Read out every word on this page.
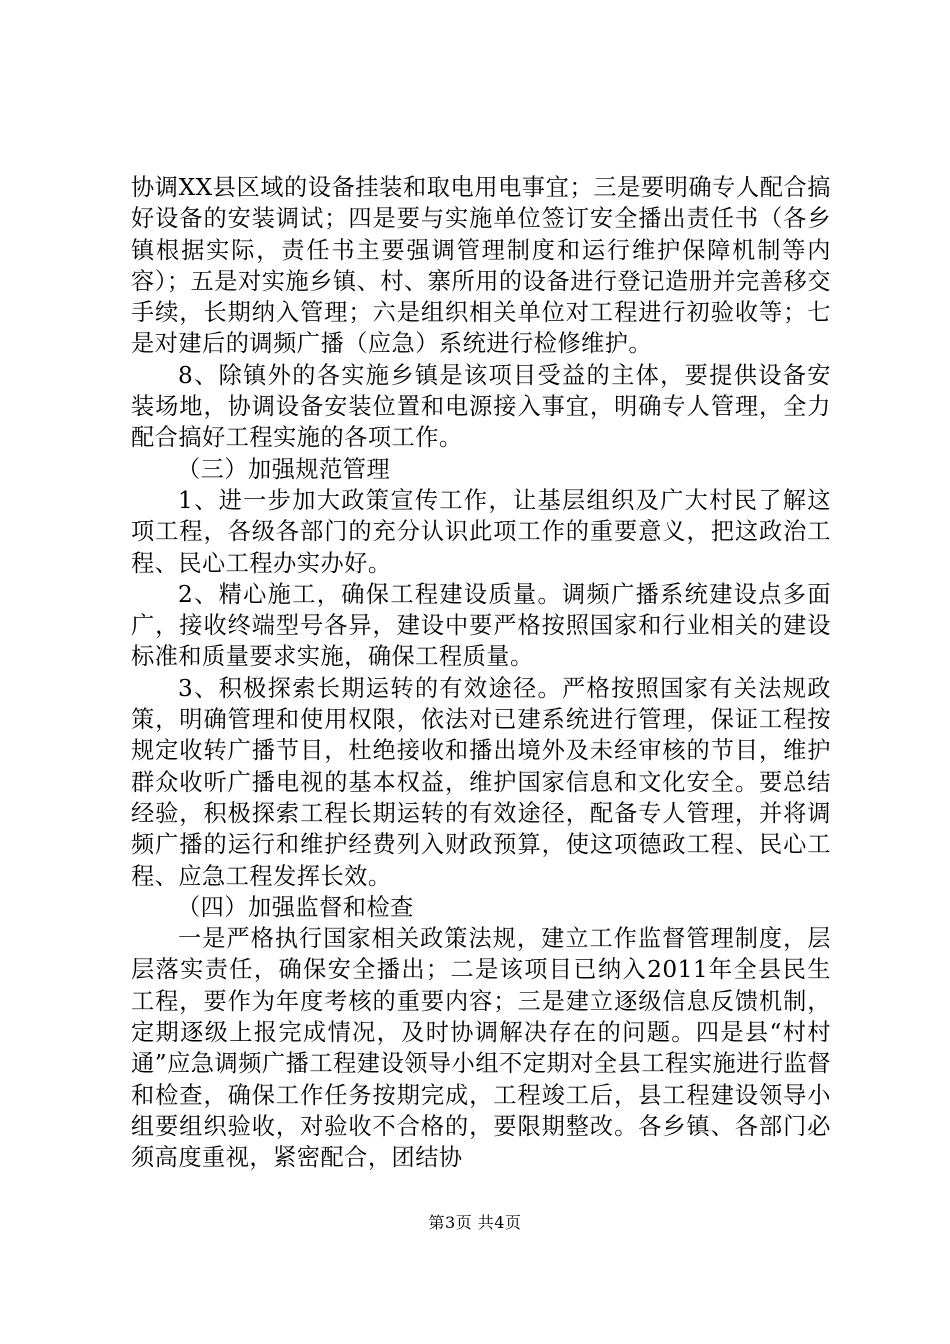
协调XX县区域的设备挂装和取电用电事宜；三是要明确专人配合搞好设备的安装调试；四是要与实施单位签订安全播出责任书（各乡镇根据实际，责任书主要强调管理制度和运行维护保障机制等内容）；五是对实施乡镇、村、寨所用的设备进行登记造册并完善移交手续，长期纳入管理；六是组织相关单位对工程进行初验收等；七是对建后的调频广播（应急）系统进行检修维护。

8、除镇外的各实施乡镇是该项目受益的主体，要提供设备安装场地，协调设备安装位置和电源接入事宜，明确专人管理，全力配合搞好工程实施的各项工作。

（三）加强规范管理

1、进一步加大政策宣传工作，让基层组织及广大村民了解这项工程，各级各部门的充分认识此项工作的重要意义，把这政治工程、民心工程办实办好。

2、精心施工，确保工程建设质量。调频广播系统建设点多面广，接收终端型号各异，建设中要严格按照国家和行业相关的建设标准和质量要求实施，确保工程质量。

3、积极探索长期运转的有效途径。严格按照国家有关法规政策，明确管理和使用权限，依法对已建系统进行管理，保证工程按规定收转广播节目，杜绝接收和播出境外及未经审核的节目，维护群众收听广播电视的基本权益，维护国家信息和文化安全。要总结经验，积极探索工程长期运转的有效途径，配备专人管理，并将调频广播的运行和维护经费列入财政预算，使这项德政工程、民心工程、应急工程发挥长效。

（四）加强监督和检查

一是严格执行国家相关政策法规，建立工作监督管理制度，层层落实责任，确保安全播出；二是该项目已纳入2011年全县民生工程，要作为年度考核的重要内容；三是建立逐级信息反馈机制，定期逐级上报完成情况，及时协调解决存在的问题。四是县“村村通”应急调频广播工程建设领导小组不定期对全县工程实施进行监督和检查，确保工作任务按期完成，工程竣工后，县工程建设领导小组要组织验收，对验收不合格的，要限期整改。各乡镇、各部门必须高度重视，紧密配合，团结协

第3页 共4页
